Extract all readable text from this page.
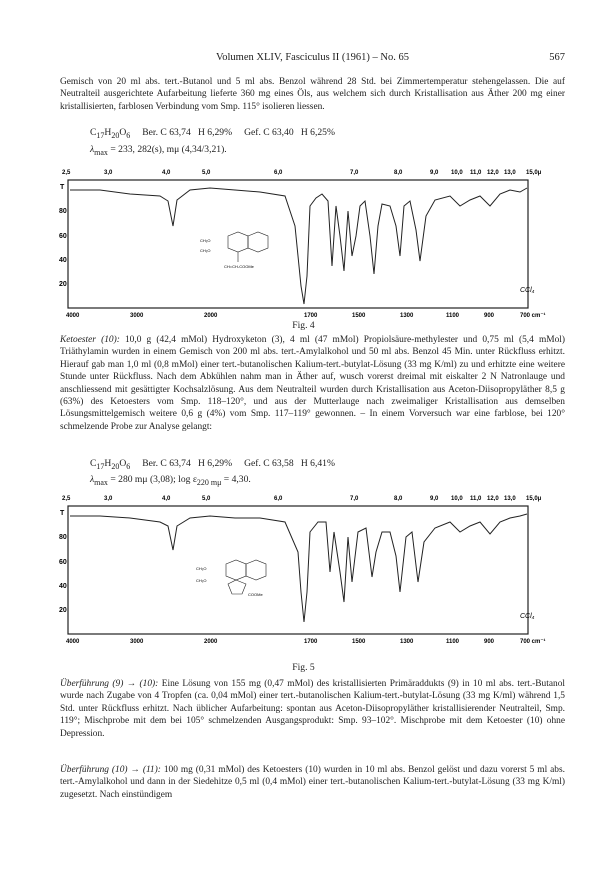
Volumen XLIV, Fasciculus II (1961) – No. 65	567
Gemisch von 20 ml abs. tert.-Butanol und 5 ml abs. Benzol während 28 Std. bei Zimmertemperatur stehengelassen. Die auf Neutralteil ausgerichtete Aufarbeitung lieferte 360 mg eines Öls, aus welchem sich durch Kristallisation aus Äther 200 mg einer kristallisierten, farblosen Verbindung vom Smp. 115° isolieren liessen.
$C_{17}H_{20}O_6$     Ber. C 63,74   H 6,29%     Gef. C 63,40   H 6,25%
$\lambda_{max} = 233$, 282(s), mμ (4,34/3,21).
2,5	3,0	4,0	5,0	6,0	7,0	8,0	9,0 10,0 11,0 12,0 13,0 15,0μ
T
80
60
40
20
CH₃O
CH₃O
CH=CH-COOMe
CCl₄
4000	3000	2000	1700	1500	1300	1100	900	700 cm⁻¹
Fig. 4
Ketoester (10): 10,0 g (42,4 mMol) Hydroxyketon (3), 4 ml (47 mMol) Propiolsäure-methylester und 0,75 ml (5,4 mMol) Triäthylamin wurden in einem Gemisch von 200 ml abs. tert.-Amylalkohol und 50 ml abs. Benzol 45 Min. unter Rückfluss erhitzt. Hierauf gab man 1,0 ml (0,8 mMol) einer tert.-butanolischen Kalium-tert.-butylat-Lösung (33 mg K/ml) zu und erhitzte eine weitere Stunde unter Rückfluss. Nach dem Abkühlen nahm man in Äther auf, wusch vorerst dreimal mit eiskalter 2 N Natronlauge und anschliessend mit gesättigter Kochsalzlösung. Aus dem Neutralteil wurden durch Kristallisation aus Aceton-Diisopropyläther 8,5 g (63%) des Ketoesters vom Smp. 118–120°, und aus der Mutterlauge nach zweimaliger Kristallisation aus demselben Lösungsmittelgemisch weitere 0,6 g (4%) vom Smp. 117–119° gewonnen. – In einem Vorversuch war eine farblose, bei 120° schmelzende Probe zur Analyse gelangt:
$C_{17}H_{20}O_6$     Ber. C 63,74   H 6,29%     Gef. C 63,58   H 6,41%
$\lambda_{max} = 280$ mμ (3,08); $\log \varepsilon_{220 m\mu} = 4,30$.
2,5	3,0	4,0	5,0	6,0	7,0	8,0	9,0 10,0 11,0 12,0 13,0 15,0μ
T
80
60
40
20
CH₃O
CH₃O
COOMe
CCl₄
4000	3000	2000	1700	1500	1300	1100	900	700 cm⁻¹
Fig. 5
Überführung (9) → (10): Eine Lösung von 155 mg (0,47 mMol) des kristallisierten Primäraddukts (9) in 10 ml abs. tert.-Butanol wurde nach Zugabe von 4 Tropfen (ca. 0,04 mMol) einer tert.-butanolischen Kalium-tert.-butylat-Lösung (33 mg K/ml) während 1,5 Std. unter Rückfluss erhitzt. Nach üblicher Aufarbeitung: spontan aus Aceton-Diisopropyläther kristallisierender Neutralteil, Smp. 119°; Mischprobe mit dem bei 105° schmelzenden Ausgangsprodukt: Smp. 93–102°. Mischprobe mit dem Ketoester (10) ohne Depression.
Überführung (10) → (11): 100 mg (0,31 mMol) des Ketoesters (10) wurden in 10 ml abs. Benzol gelöst und dazu vorerst 5 ml abs. tert.-Amylalkohol und dann in der Siedehitze 0,5 ml (0,4 mMol) einer tert.-butanolischen Kalium-tert.-butylat-Lösung (33 mg K/ml) zugesetzt. Nach einstündigem
